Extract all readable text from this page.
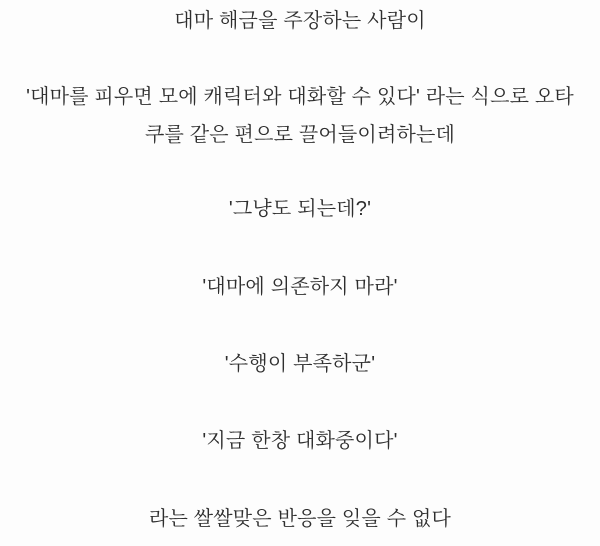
대마 해금을 주장하는 사람이

'대마를 피우면 모에 캐릭터와 대화할 수 있다' 라는 식으로 오타
쿠를 같은 편으로 끌어들이려하는데

'그냥도 되는데?'

'대마에 의존하지 마라'

'수행이 부족하군'

'지금 한창 대화중이다'

라는 쌀쌀맞은 반응을 잊을 수 없다
